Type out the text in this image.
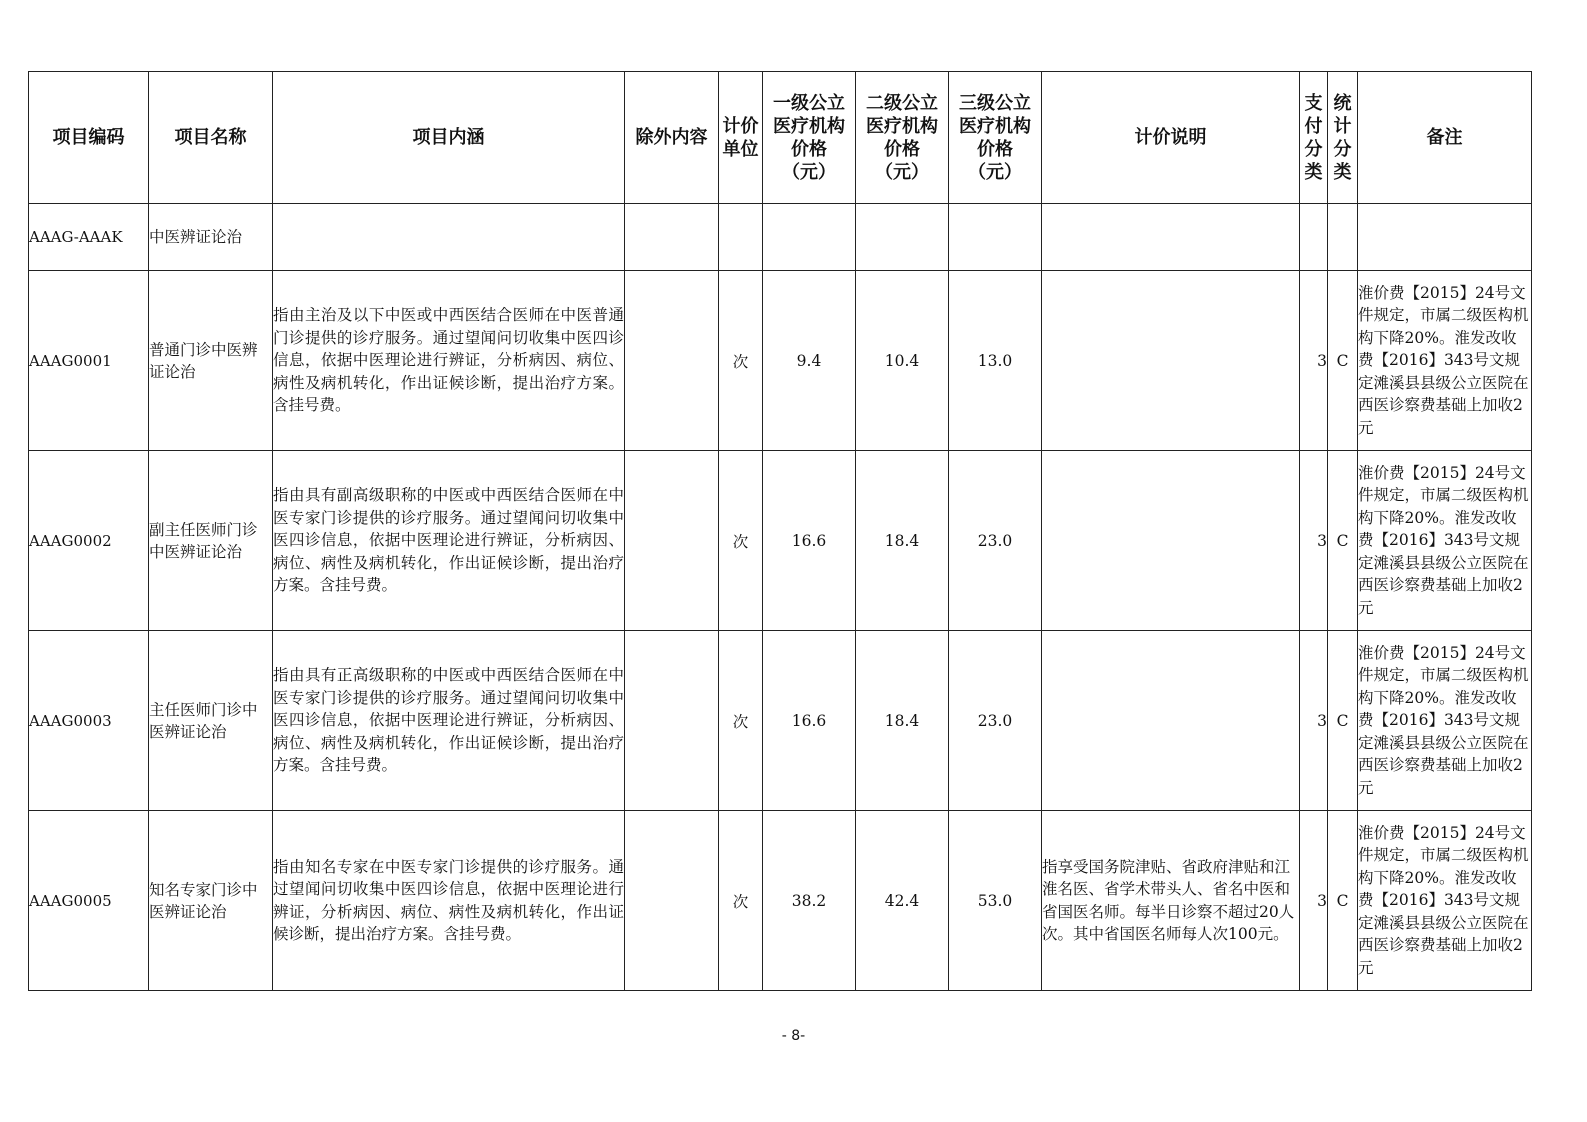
项目编码	项目名称	项目内涵	除外内容	计价单位	一级公立医疗机构价格（元）	二级公立医疗机构价格（元）	三级公立医疗机构价格（元）	计价说明	支付分类	统计分类	备注
AAAG-AAAK	中医辨证论治										
AAAG0001	普通门诊中医辨证论治	指由主治及以下中医或中西医结合医师在中医普通门诊提供的诊疗服务。通过望闻问切收集中医四诊信息，依据中医理论进行辨证，分析病因、病位、病性及病机转化，作出证候诊断，提出治疗方案。含挂号费。		次	9.4	10.4	13.0		3	C	淮价费【2015】24号文件规定，市属二级医构机构下降20%。淮发改收费【2016】343号文规定滩溪县县级公立医院在西医诊察费基础上加收2元
AAAG0002	副主任医师门诊中医辨证论治	指由具有副高级职称的中医或中西医结合医师在中医专家门诊提供的诊疗服务。通过望闻问切收集中医四诊信息，依据中医理论进行辨证，分析病因、病位、病性及病机转化，作出证候诊断，提出治疗方案。含挂号费。		次	16.6	18.4	23.0		3	C	淮价费【2015】24号文件规定，市属二级医构机构下降20%。淮发改收费【2016】343号文规定滩溪县县级公立医院在西医诊察费基础上加收2元
AAAG0003	主任医师门诊中医辨证论治	指由具有正高级职称的中医或中西医结合医师在中医专家门诊提供的诊疗服务。通过望闻问切收集中医四诊信息，依据中医理论进行辨证，分析病因、病位、病性及病机转化，作出证候诊断，提出治疗方案。含挂号费。		次	16.6	18.4	23.0		3	C	淮价费【2015】24号文件规定，市属二级医构机构下降20%。淮发改收费【2016】343号文规定滩溪县县级公立医院在西医诊察费基础上加收2元
AAAG0005	知名专家门诊中医辨证论治	指由知名专家在中医专家门诊提供的诊疗服务。通过望闻问切收集中医四诊信息，依据中医理论进行辨证，分析病因、病位、病性及病机转化，作出证候诊断，提出治疗方案。含挂号费。		次	38.2	42.4	53.0	指享受国务院津贴、省政府津贴和江淮名医、省学术带头人、省名中医和省国医名师。每半日诊察不超过20人次。其中省国医名师每人次100元。	3	C	淮价费【2015】24号文件规定，市属二级医构机构下降20%。淮发改收费【2016】343号文规定滩溪县县级公立医院在西医诊察费基础上加收2元
- 8-
